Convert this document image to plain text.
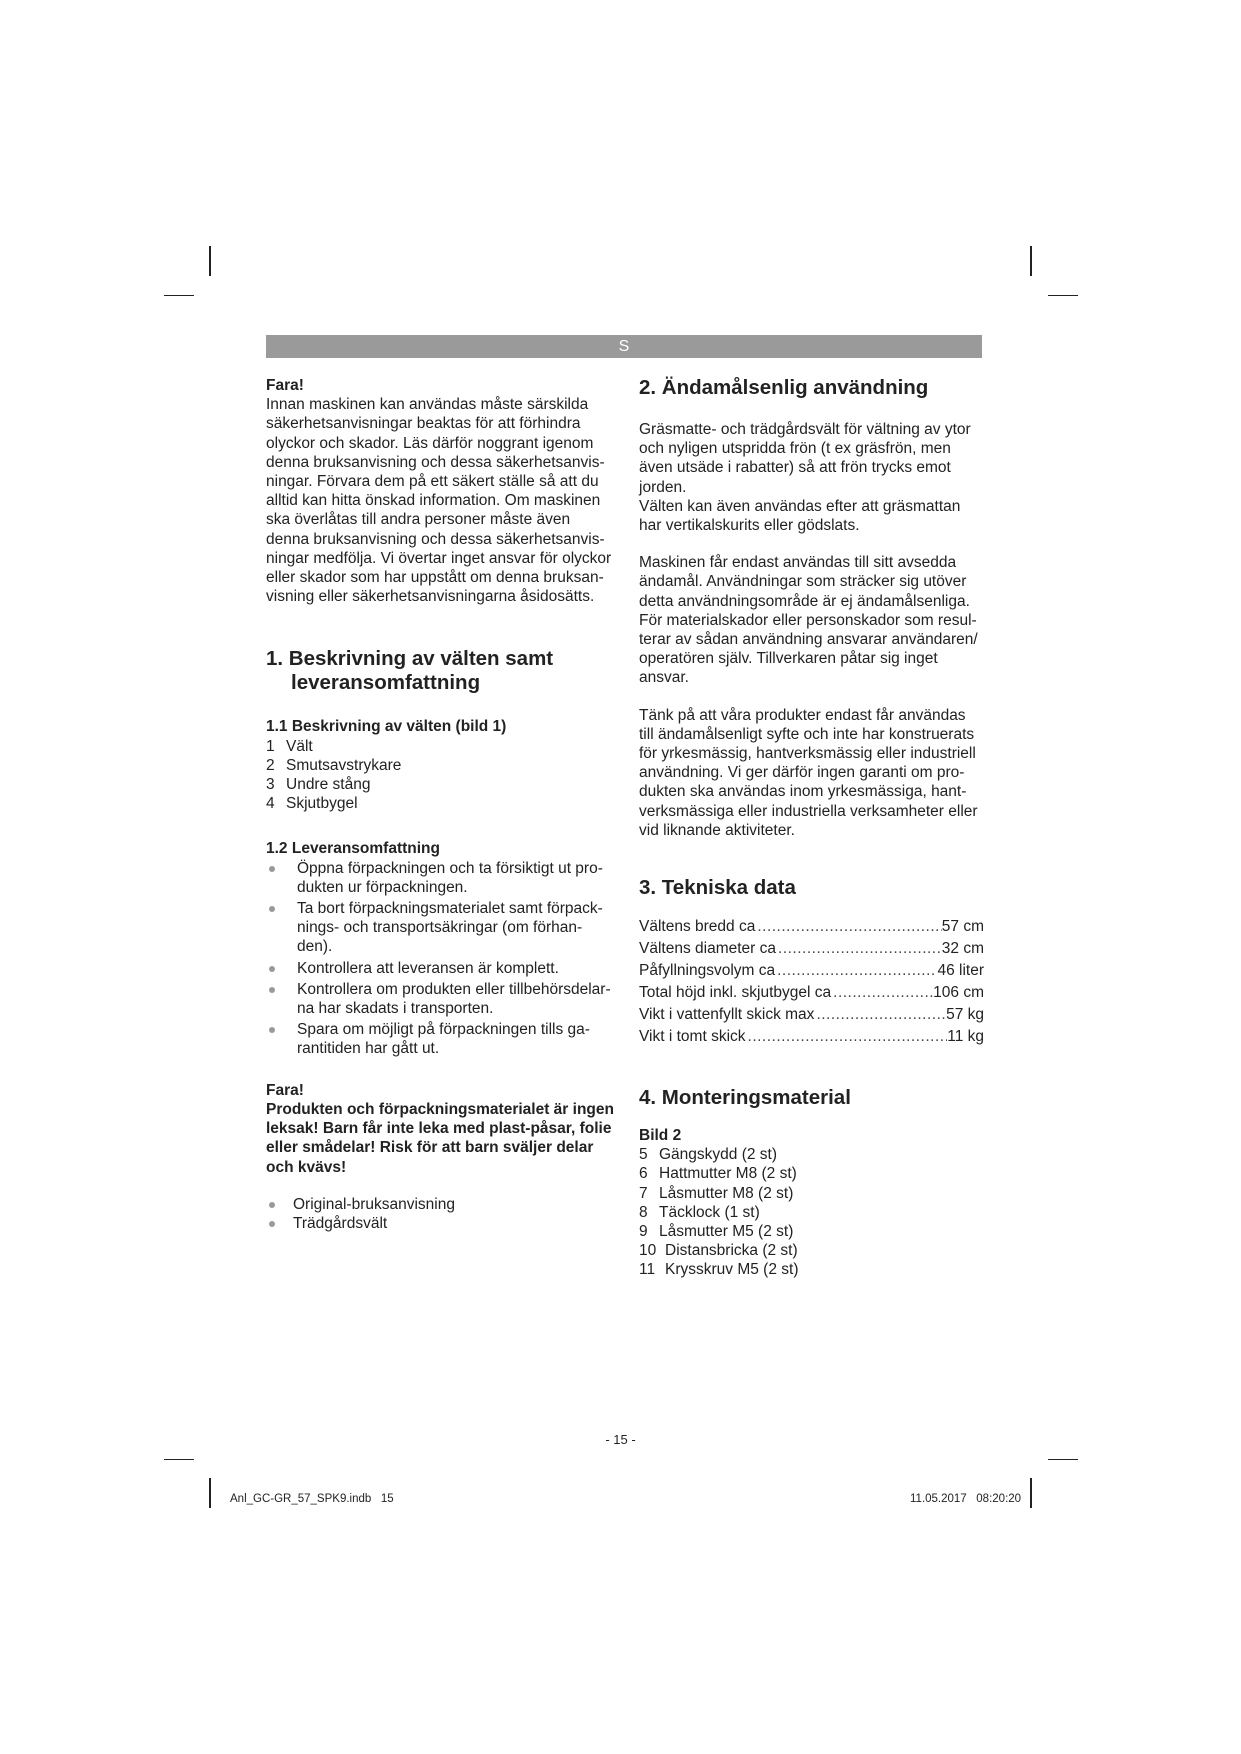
S
Fara!

Innan maskinen kan användas måste särskilda säkerhetsanvisningar beaktas för att förhindra olyckor och skador. Läs därför noggrant igenom denna bruksanvisning och dessa säkerhetsanvis-ningar. Förvara dem på ett säkert ställe så att du alltid kan hitta önskad information. Om maskinen ska överlåtas till andra personer måste även denna bruksanvisning och dessa säkerhetsanvis-ningar medfölja. Vi övertar inget ansvar för olyckor eller skador som har uppstått om denna bruksan-visning eller säkerhetsanvisningarna åsidosätts.

1. Beskrivning av välten samt
leveransomfattning
1.1 Beskrivning av välten (bild 1)
1 Vält
2 Smutsavstrykare
3 Undre stång
4 Skjutbygel
1.2 Leveransomfattning
Öppna förpackningen och ta försiktigt ut pro-dukten ur förpackningen.
Ta bort förpackningsmaterialet samt förpack-nings- och transportsäkringar (om förhan-den).
Kontrollera att leveransen är komplett.
Kontrollera om produkten eller tillbehörsdelar-na har skadats i transporten.
Spara om möjligt på förpackningen tills ga-rantitiden har gått ut.
Fara!

Produkten och förpackningsmaterialet är ingen leksak! Barn får inte leka med plast-påsar, folie eller smådelar! Risk för att barn sväljer delar och kvävs!

Original-bruksanvisning
Trädgårdsvält
2. Ändamålsenlig användning

Gräsmatte- och trädgårdsvält för vältning av ytor och nyligen utspridda frön (t ex gräsfrön, men även utsäde i rabatter) så att frön trycks emot jorden.

Välten kan även användas efter att gräsmattan har vertikalskurits eller gödslats.

Maskinen får endast användas till sitt avsedda ändamål. Användningar som sträcker sig utöver detta användningsområde är ej ändamålsenliga. För materialskador eller personskador som resul-terar av sådan användning ansvarar användaren/ operatören själv. Tillverkaren påtar sig inget ansvar.

Tänk på att våra produkter endast får användas till ändamålsenligt syfte och inte har konstruerats för yrkesmässig, hantverksmässig eller industriell användning. Vi ger därför ingen garanti om pro-dukten ska användas inom yrkesmässiga, hant-verksmässiga eller industriella verksamheter eller vid liknande aktiviteter.

3. Tekniska data
Vältens bredd ca .....	57 cm
Vältens diameter ca .....	32 cm
Påfyllningsvolym ca .....	46 liter
Total höjd inkl. skjutbygel ca .....	106 cm
Vikt i vattenfyllt skick max .....	57 kg
Vikt i tomt skick .....	11 kg
4. Monteringsmaterial
Bild 2
5 Gängskydd (2 st)
6 Hattmutter M8 (2 st)
7 Låsmutter M8 (2 st)
8 Täcklock (1 st)
9 Låsmutter M5 (2 st)
10 Distansbricka (2 st)
11 Krysskruv M5 (2 st)
- 15 -
Anl_GC-GR_57_SPK9.indb   15	11.05.2017   08:20:20
